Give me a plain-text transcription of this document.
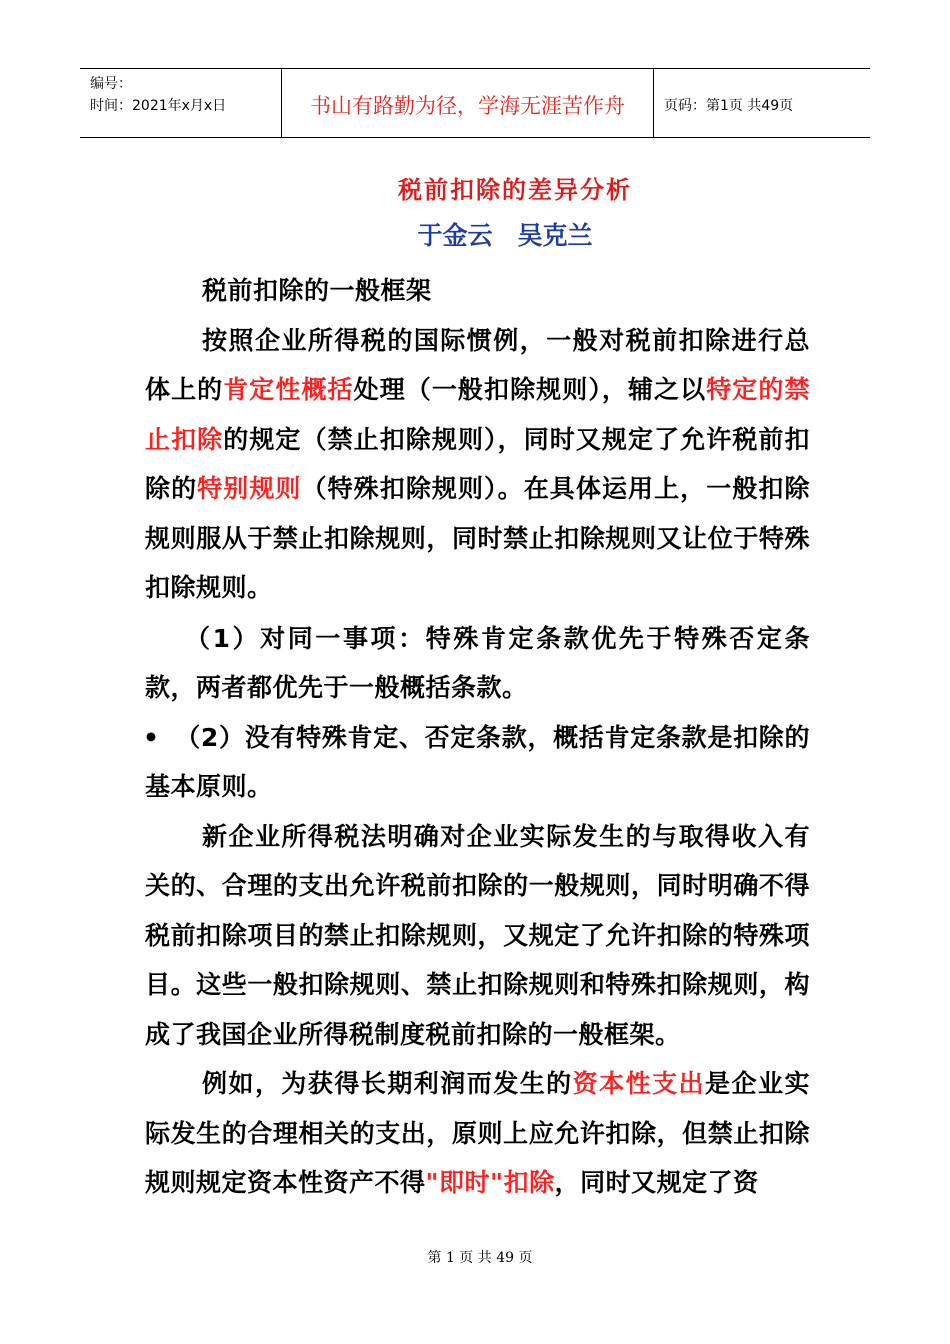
编号：
时间：2021年x月x日	书山有路勤为径，学海无涯苦作舟	页码：第1页 共49页
税前扣除的差异分析
于金云　吴克兰

税前扣除的一般框架

按照企业所得税的国际惯例，一般对税前扣除进行总体上的肯定性概括处理（一般扣除规则），辅之以特定的禁止扣除的规定（禁止扣除规则），同时又规定了允许税前扣除的特别规则（特殊扣除规则）。在具体运用上，一般扣除规则服从于禁止扣除规则，同时禁止扣除规则又让位于特殊扣除规则。

（1）对同一事项：特殊肯定条款优先于特殊否定条款，两者都优先于一般概括条款。

• （2）没有特殊肯定、否定条款，概括肯定条款是扣除的基本原则。

新企业所得税法明确对企业实际发生的与取得收入有关的、合理的支出允许税前扣除的一般规则，同时明确不得税前扣除项目的禁止扣除规则，又规定了允许扣除的特殊项目。这些一般扣除规则、禁止扣除规则和特殊扣除规则，构成了我国企业所得税制度税前扣除的一般框架。

例如，为获得长期利润而发生的资本性支出是企业实际发生的合理相关的支出，原则上应允许扣除，但禁止扣除规则规定资本性资产不得"即时"扣除，同时又规定了资

第 1 页 共 49 页
